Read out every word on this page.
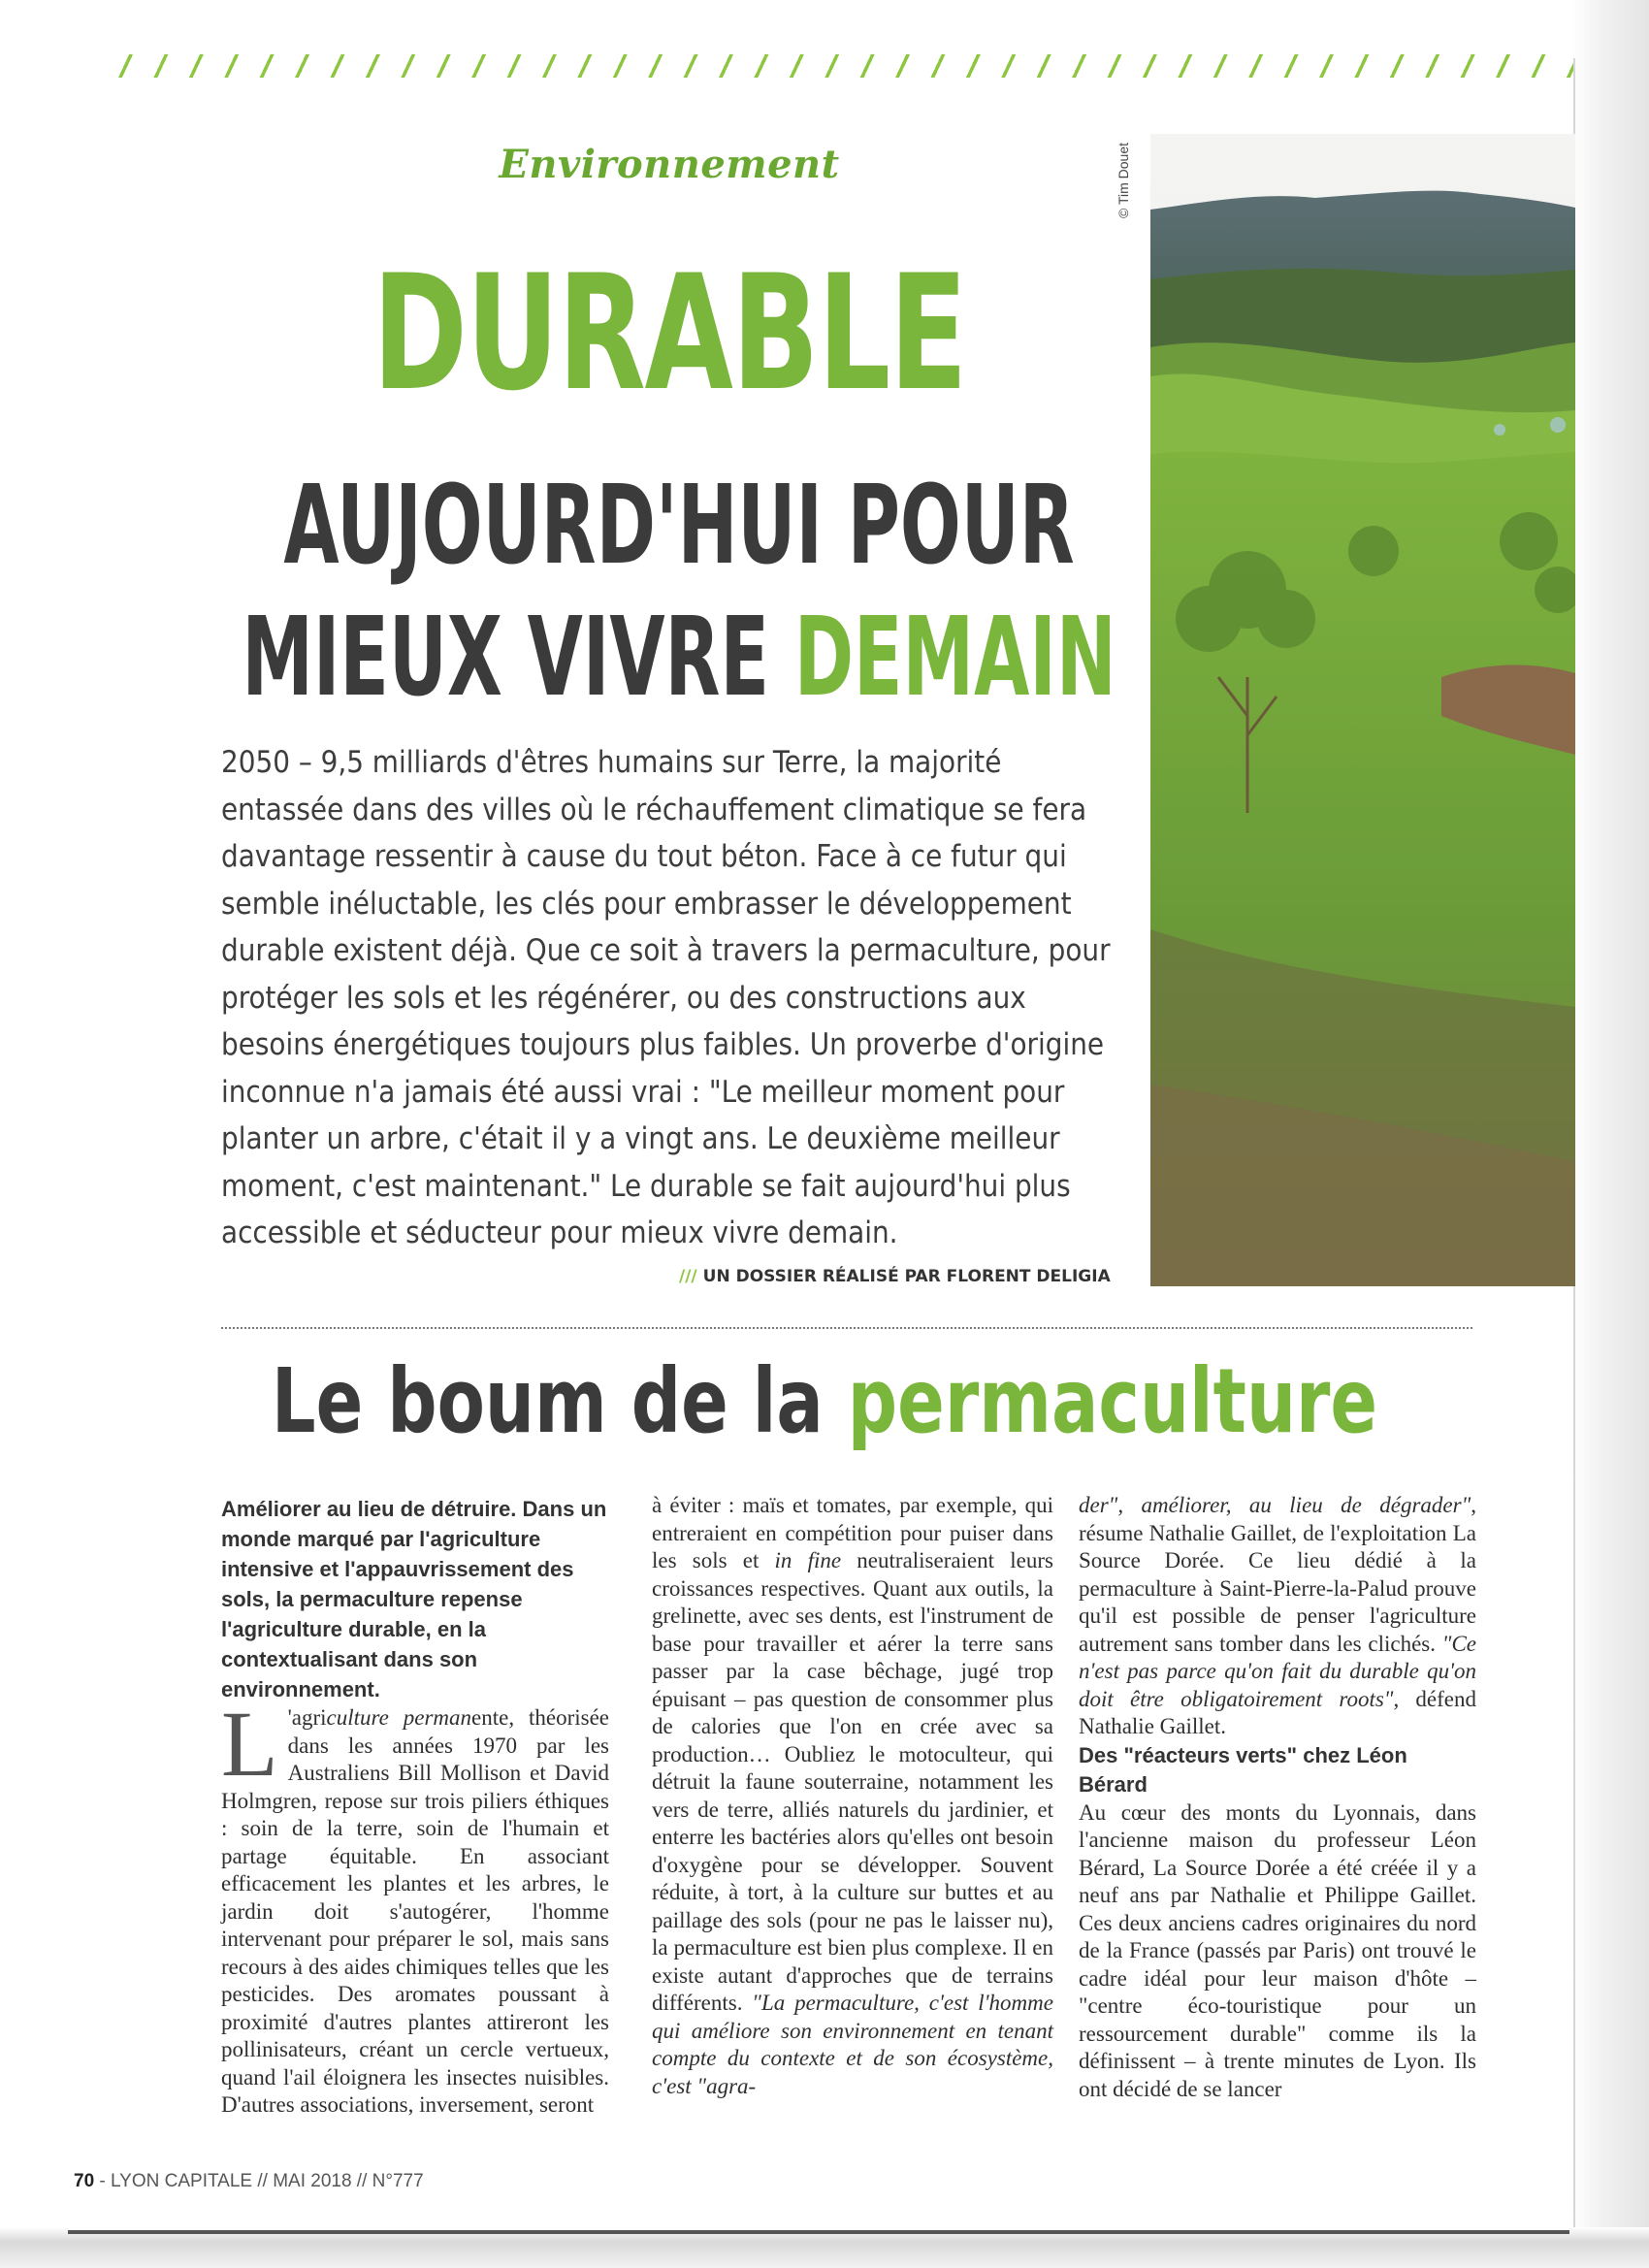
Environnement
DURABLE
AUJOURD'HUI POUR
MIEUX VIVRE DEMAIN
2050 – 9,5 milliards d'êtres humains sur Terre, la majorité
entassée dans des villes où le réchauffement climatique se fera
davantage ressentir à cause du tout béton. Face à ce futur qui
semble inéluctable, les clés pour embrasser le développement
durable existent déjà. Que ce soit à travers la permaculture, pour
protéger les sols et les régénérer, ou des constructions aux
besoins énergétiques toujours plus faibles. Un proverbe d'origine
inconnue n'a jamais été aussi vrai : "Le meilleur moment pour
planter un arbre, c'était il y a vingt ans. Le deuxième meilleur
moment, c'est maintenant." Le durable se fait aujourd'hui plus
accessible et séducteur pour mieux vivre demain.
/// UN DOSSIER RÉALISÉ PAR FLORENT DELIGIA
© Tim Douet
Le boum de la permaculture

Améliorer au lieu de détruire. Dans un monde marqué par l'agriculture intensive et l'appauvrissement des sols, la permaculture repense l'agriculture durable, en la contextualisant dans son environnement.

L 'agriculture permanente, théorisée dans les années 1970 par les Australiens Bill Mollison et David Holmgren, repose sur trois piliers éthiques : soin de la terre, soin de l'humain et partage équitable. En associant efficacement les plantes et les arbres, le jardin doit s'autogérer, l'homme intervenant pour préparer le sol, mais sans recours à des aides chimiques telles que les pesticides. Des aromates poussant à proximité d'autres plantes attireront les pollinisateurs, créant un cercle vertueux, quand l'ail éloignera les insectes nuisibles. D'autres associations, inversement, seront

à éviter : maïs et tomates, par exemple, qui entreraient en compétition pour puiser dans les sols et in fine neutraliseraient leurs croissances respectives. Quant aux outils, la grelinette, avec ses dents, est l'instrument de base pour travailler et aérer la terre sans passer par la case bêchage, jugé trop épuisant – pas question de consommer plus de calories que l'on en crée avec sa production… Oubliez le motoculteur, qui détruit la faune souterraine, notamment les vers de terre, alliés naturels du jardinier, et enterre les bactéries alors qu'elles ont besoin d'oxygène pour se développer. Souvent réduite, à tort, à la culture sur buttes et au paillage des sols (pour ne pas le laisser nu), la permaculture est bien plus complexe. Il en existe autant d'approches que de terrains différents. "La permaculture, c'est l'homme qui améliore son environnement en tenant compte du contexte et de son écosystème, c'est "agra-

der", améliorer, au lieu de dégrader", résume Nathalie Gaillet, de l'exploitation La Source Dorée. Ce lieu dédié à la permaculture à Saint-Pierre-la-Palud prouve qu'il est possible de penser l'agriculture autrement sans tomber dans les clichés. "Ce n'est pas parce qu'on fait du durable qu'on doit être obligatoirement roots", défend Nathalie Gaillet.

Des "réacteurs verts" chez Léon Bérard

Au cœur des monts du Lyonnais, dans l'ancienne maison du professeur Léon Bérard, La Source Dorée a été créée il y a neuf ans par Nathalie et Philippe Gaillet. Ces deux anciens cadres originaires du nord de la France (passés par Paris) ont trouvé le cadre idéal pour leur maison d'hôte – "centre éco-touristique pour un ressourcement durable" comme ils la définissent – à trente minutes de Lyon. Ils ont décidé de se lancer

70 - LYON CAPITALE // MAI 2018 // N°777
